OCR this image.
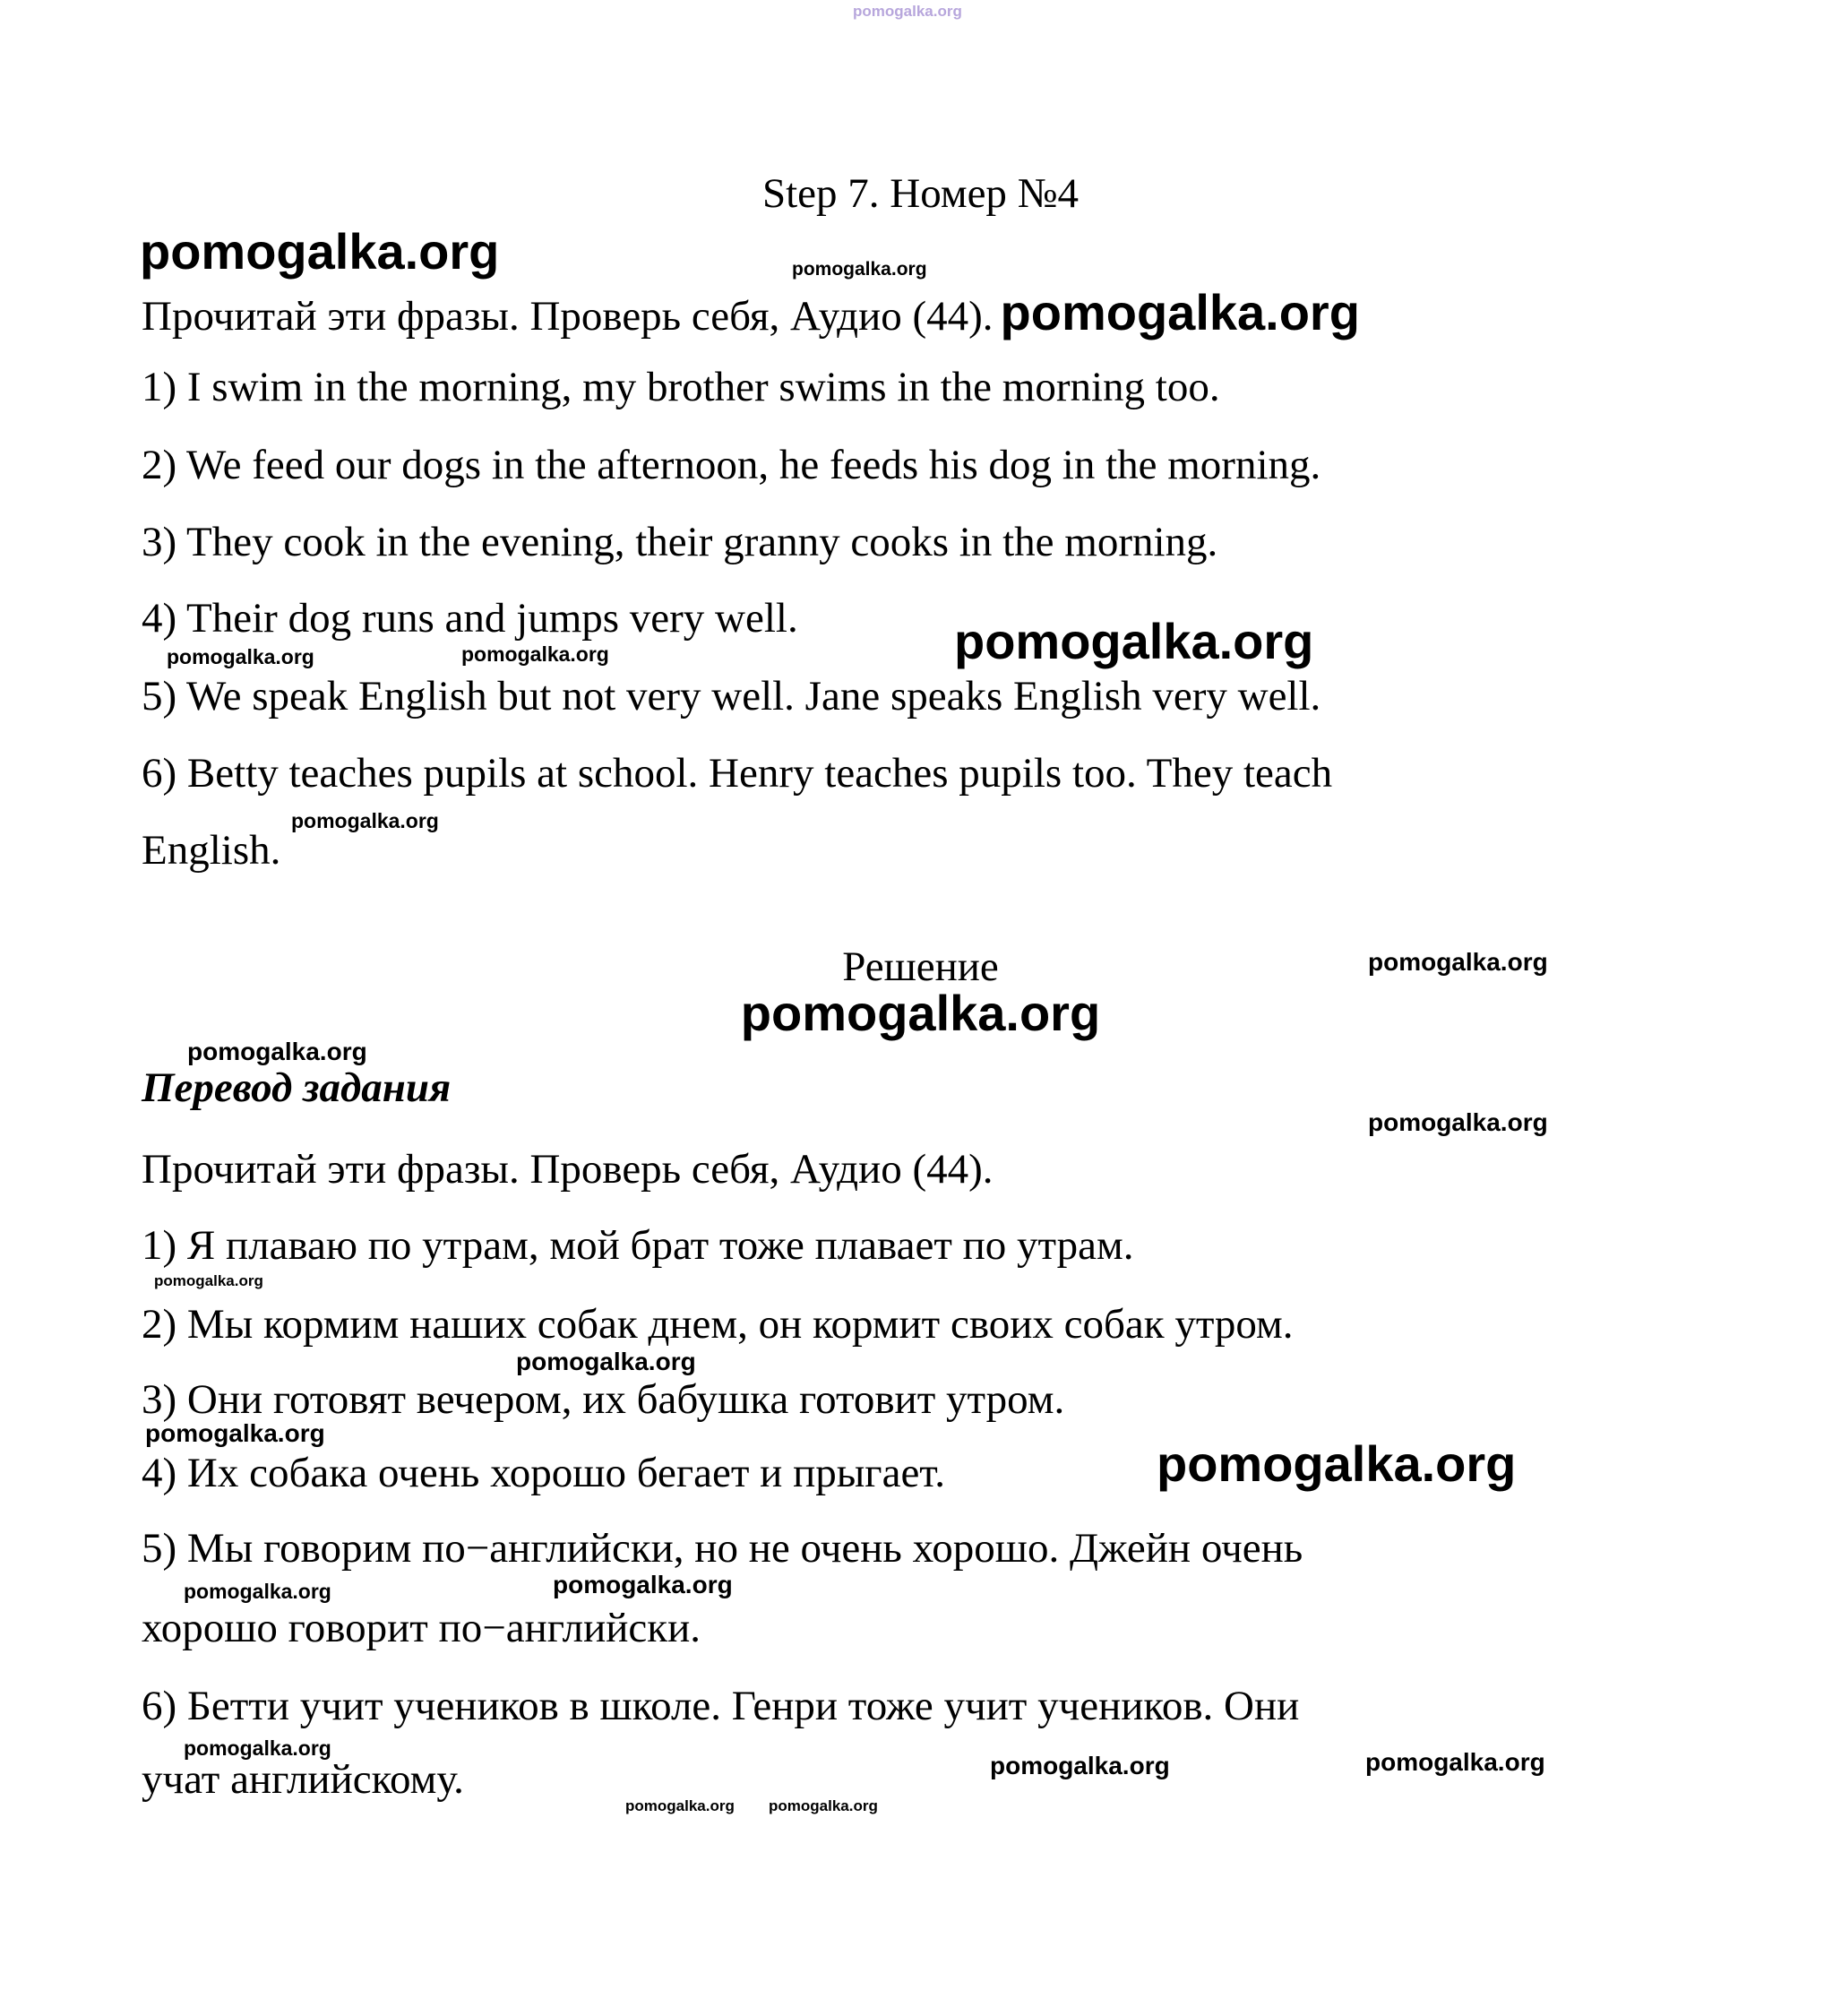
pomogalka.org
Step 7. Номер №4
pomogalka.org	pomogalka.org
Прочитай эти фразы. Проверь себя, Аудио (44). pomogalka.org
1) I swim in the morning, my brother swims in the morning too.
2) We feed our dogs in the afternoon, he feeds his dog in the morning.
3) They cook in the evening, their granny cooks in the morning.
4) Their dog runs and jumps very well.
pomogalka.org	pomogalka.org	pomogalka.org
5) We speak English but not very well. Jane speaks English very well.
6) Betty teaches pupils at school. Henry teaches pupils too. They teach
English.
pomogalka.org
Решение	pomogalka.org
pomogalka.org
pomogalka.org
Перевод задания
pomogalka.org
Прочитай эти фразы. Проверь себя, Аудио (44).
1) Я плаваю по утрам, мой брат тоже плавает по утрам.
pomogalka.org
2) Мы кормим наших собак днем, он кормит своих собак утром.
pomogalka.org
3) Они готовят вечером, их бабушка готовит утром.
pomogalka.org
4) Их собака очень хорошо бегает и прыгает.	pomogalka.org
5) Мы говорим по−английски, но не очень хорошо. Джейн очень
pomogalka.org	pomogalka.org
хорошо говорит по−английски.
6) Бетти учит учеников в школе. Генри тоже учит учеников. Они
pomogalka.org
учат английскому.
pomogalka.org pomogalka.org
pomogalka.org	pomogalka.org
